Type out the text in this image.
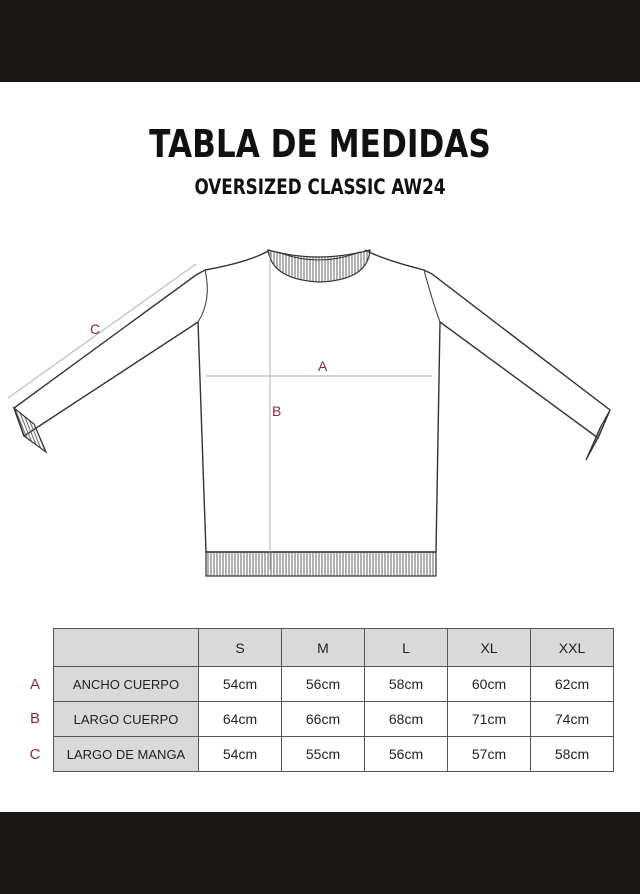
TABLA DE MEDIDAS
OVERSIZED CLASSIC AW24
A
B
C
	S	M	L	XL	XXL
ANCHO CUERPO	54cm	56cm	58cm	60cm	62cm
LARGO CUERPO	64cm	66cm	68cm	71cm	74cm
LARGO DE MANGA	54cm	55cm	56cm	57cm	58cm
A
B
C
